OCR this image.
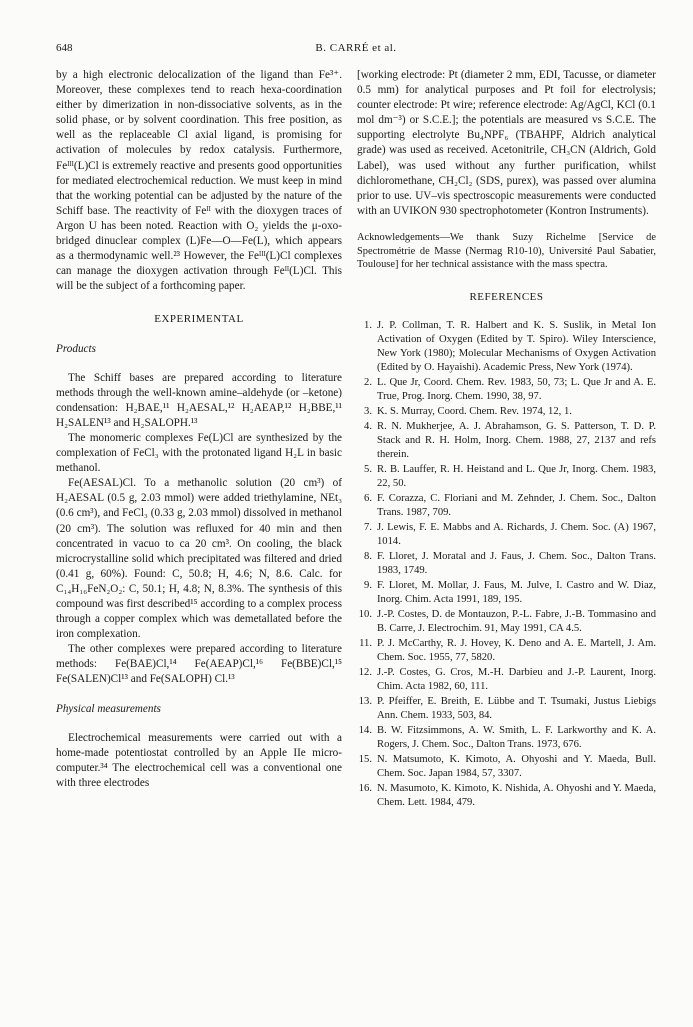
648	B. CARRÉ et al.

by a high electronic delocalization of the ligand than Fe³⁺. Moreover, these complexes tend to reach hexa-coordination either by dimerization in non-dissociative solvents, as in the solid phase, or by solvent coordination. This free position, as well as the replaceable Cl axial ligand, is promising for activation of molecules by redox catalysis. Furthermore, Feᴵᴵᴵ(L)Cl is extremely reactive and presents good opportunities for mediated electrochemical reduction. We must keep in mind that the working potential can be adjusted by the nature of the Schiff base. The reactivity of Feᴵᴵ with the dioxygen traces of Argon U has been noted. Reaction with O₂ yields the μ-oxo-bridged dinuclear complex (L)Fe—O—Fe(L), which appears as a thermodynamic well.²³ However, the Feᴵᴵᴵ(L)Cl complexes can manage the dioxygen activation through Feᴵᴵ(L)Cl. This will be the subject of a forthcoming paper.

EXPERIMENTAL
Products

The Schiff bases are prepared according to literature methods through the well-known amine–aldehyde (or –ketone) condensation: H₂BAE,¹¹ H₂AESAL,¹² H₂AEAP,¹² H₂BBE,¹¹ H₂SALEN¹³ and H₂SALOPH.¹³

The monomeric complexes Fe(L)Cl are synthesized by the complexation of FeCl₃ with the protonated ligand H₂L in basic methanol.

Fe(AESAL)Cl. To a methanolic solution (20 cm³) of H₂AESAL (0.5 g, 2.03 mmol) were added triethylamine, NEt₃ (0.6 cm³), and FeCl₃ (0.33 g, 2.03 mmol) dissolved in methanol (20 cm³). The solution was refluxed for 40 min and then concentrated in vacuo to ca 20 cm³. On cooling, the black microcrystalline solid which precipitated was filtered and dried (0.41 g, 60%). Found: C, 50.8; H, 4.6; N, 8.6. Calc. for C₁₄H₁₆FeN₂O₂: C, 50.1; H, 4.8; N, 8.3%. The synthesis of this compound was first described¹⁵ according to a complex process through a copper complex which was demetallated before the iron complexation.

The other complexes were prepared according to literature methods: Fe(BAE)Cl,¹⁴ Fe(AEAP)Cl,¹⁶ Fe(BBE)Cl,¹⁵ Fe(SALEN)Cl¹³ and Fe(SALOPH) Cl.¹³

Physical measurements

Electrochemical measurements were carried out with a home-made potentiostat controlled by an Apple IIe micro-computer.³⁴ The electrochemical cell was a conventional one with three electrodes

[working electrode: Pt (diameter 2 mm, EDI, Tacusse, or diameter 0.5 mm) for analytical purposes and Pt foil for electrolysis; counter electrode: Pt wire; reference electrode: Ag/AgCl, KCl (0.1 mol dm⁻³) or S.C.E.]; the potentials are measured vs S.C.E. The supporting electrolyte Bu₄NPF₆ (TBAHPF, Aldrich analytical grade) was used as received. Acetonitrile, CH₃CN (Aldrich, Gold Label), was used without any further purification, whilst dichloromethane, CH₂Cl₂ (SDS, purex), was passed over alumina prior to use. UV–vis spectroscopic measurements were conducted with an UVIKON 930 spectrophotometer (Kontron Instruments).

Acknowledgements—We thank Suzy Richelme [Service de Spectrométrie de Masse (Nermag R10-10), Université Paul Sabatier, Toulouse] for her technical assistance with the mass spectra.

REFERENCES
1. J. P. Collman, T. R. Halbert and K. S. Suslik, in Metal Ion Activation of Oxygen (Edited by T. Spiro). Wiley Interscience, New York (1980); Molecular Mechanisms of Oxygen Activation (Edited by O. Hayaishi). Academic Press, New York (1974).
2. L. Que Jr, Coord. Chem. Rev. 1983, 50, 73; L. Que Jr and A. E. True, Prog. Inorg. Chem. 1990, 38, 97.
3. K. S. Murray, Coord. Chem. Rev. 1974, 12, 1.
4. R. N. Mukherjee, A. J. Abrahamson, G. S. Patterson, T. D. P. Stack and R. H. Holm, Inorg. Chem. 1988, 27, 2137 and refs therein.
5. R. B. Lauffer, R. H. Heistand and L. Que Jr, Inorg. Chem. 1983, 22, 50.
6. F. Corazza, C. Floriani and M. Zehnder, J. Chem. Soc., Dalton Trans. 1987, 709.
7. J. Lewis, F. E. Mabbs and A. Richards, J. Chem. Soc. (A) 1967, 1014.
8. F. Lloret, J. Moratal and J. Faus, J. Chem. Soc., Dalton Trans. 1983, 1749.
9. F. Lloret, M. Mollar, J. Faus, M. Julve, I. Castro and W. Diaz, Inorg. Chim. Acta 1991, 189, 195.
10. J.-P. Costes, D. de Montauzon, P.-L. Fabre, J.-B. Tommasino and B. Carre, J. Electrochim. 91, May 1991, CA 4.5.
11. P. J. McCarthy, R. J. Hovey, K. Deno and A. E. Martell, J. Am. Chem. Soc. 1955, 77, 5820.
12. J.-P. Costes, G. Cros, M.-H. Darbieu and J.-P. Laurent, Inorg. Chim. Acta 1982, 60, 111.
13. P. Pfeiffer, E. Breith, E. Lübbe and T. Tsumaki, Justus Liebigs Ann. Chem. 1933, 503, 84.
14. B. W. Fitzsimmons, A. W. Smith, L. F. Larkworthy and K. A. Rogers, J. Chem. Soc., Dalton Trans. 1973, 676.
15. N. Matsumoto, K. Kimoto, A. Ohyoshi and Y. Maeda, Bull. Chem. Soc. Japan 1984, 57, 3307.
16. N. Masumoto, K. Kimoto, K. Nishida, A. Ohyoshi and Y. Maeda, Chem. Lett. 1984, 479.
